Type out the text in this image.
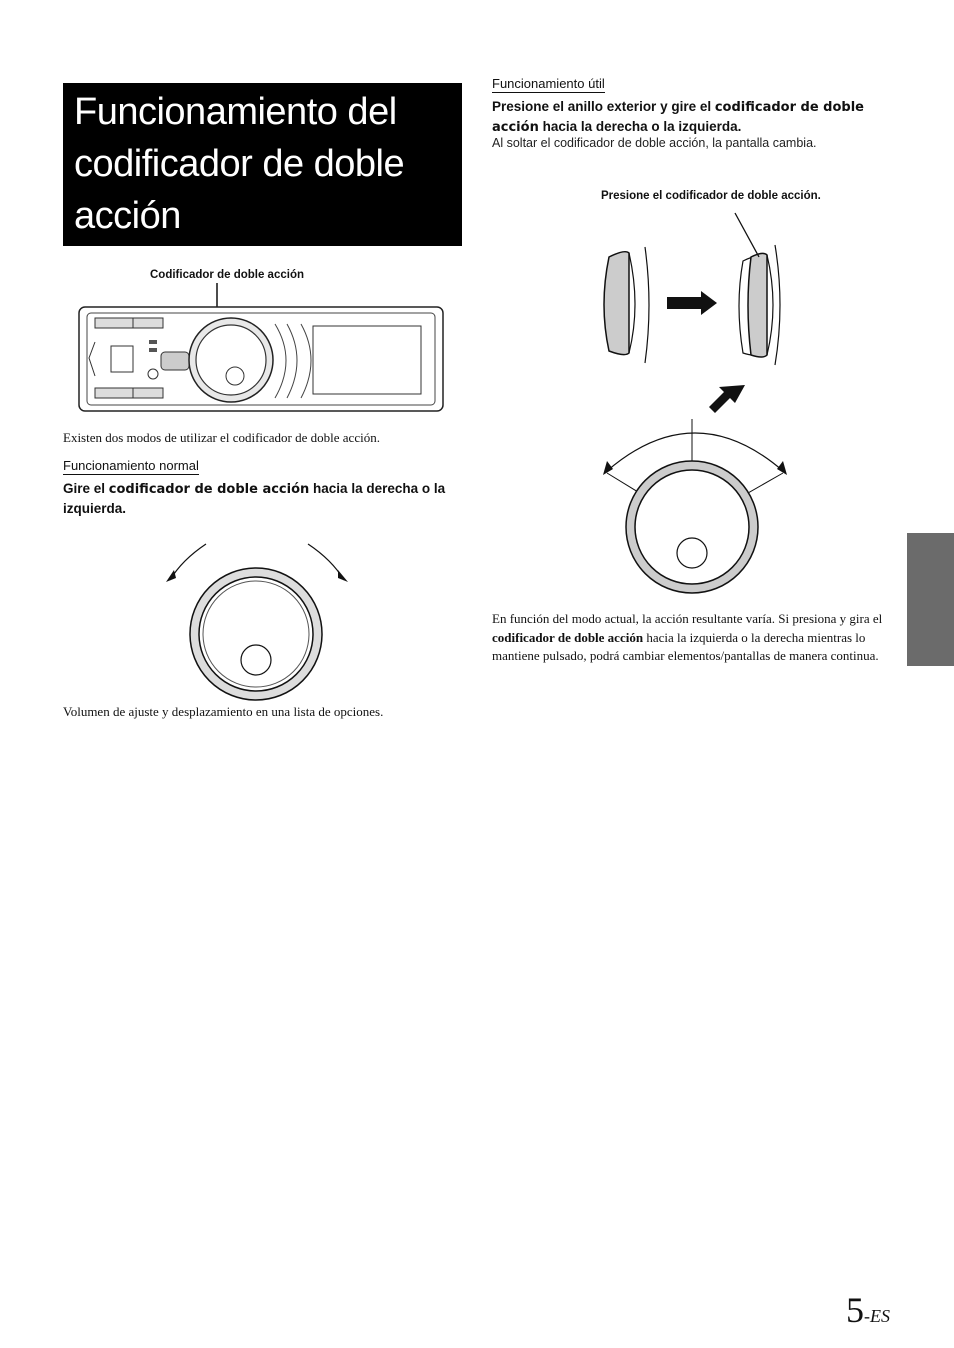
Funcionamiento del codificador de doble acción
Codificador de doble acción
Existen dos modos de utilizar el codificador de doble acción.
Funcionamiento normal
Gire el codificador de doble acción hacia la derecha o la izquierda.
Volumen de ajuste y desplazamiento en una lista de opciones.
Funcionamiento útil
Presione el anillo exterior y gire el codificador de doble acción hacia la derecha o la izquierda.
Al soltar el codificador de doble acción, la pantalla cambia.
Presione el codificador de doble acción.
En función del modo actual, la acción resultante varía. Si presiona y gira el codificador de doble acción hacia la izquierda o la derecha mientras lo mantiene pulsado, podrá cambiar elementos/pantallas de manera continua.
5-ES
